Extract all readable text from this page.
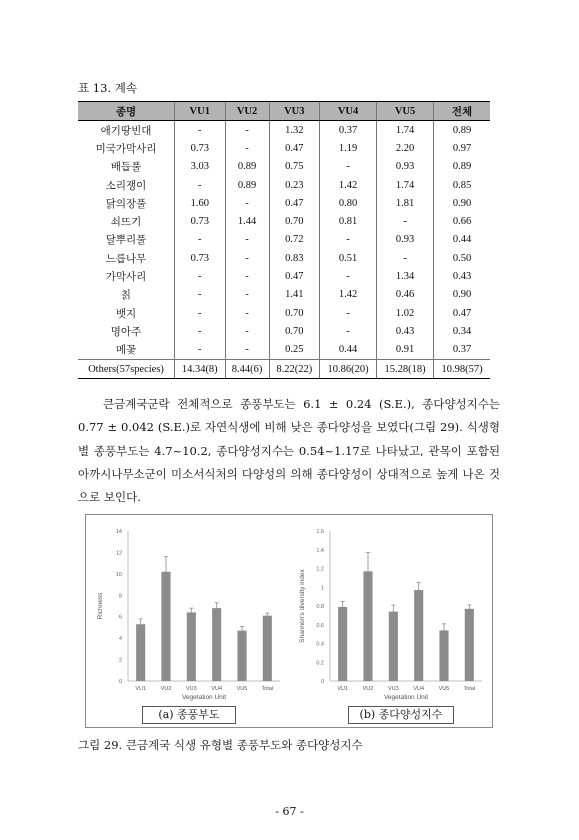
표 13. 계속
종명	VU1	VU2	VU3	VU4	VU5	전체
애기땅빈대	-	-	1.32	0.37	1.74	0.89
미국가막사리	0.73	-	0.47	1.19	2.20	0.97
배듭풀	3.03	0.89	0.75	-	0.93	0.89
소리쟁이	-	0.89	0.23	1.42	1.74	0.85
닭의장풀	1.60	-	0.47	0.80	1.81	0.90
쇠뜨기	0.73	1.44	0.70	0.81	-	0.66
달뿌리풀	-	-	0.72	-	0.93	0.44
느릅나무	0.73	-	0.83	0.51	-	0.50
가막사리	-	-	0.47	-	1.34	0.43
칡	-	-	1.41	1.42	0.46	0.90
뱃지	-	-	0.70	-	1.02	0.47
명아주	-	-	0.70	-	0.43	0.34
메꽃	-	-	0.25	0.44	0.91	0.37
Others(57species)	14.34(8)	8.44(6)	8.22(22)	10.86(20)	15.28(18)	10.98(57)

큰금계국군락 전체적으로 종풍부도는 6.1 ± 0.24 (S.E.), 종다양성지수는 0.77 ± 0.042 (S.E.)로 자연식생에 비해 낮은 종다양성을 보였다(그림 29). 식생형별 종풍부도는 4.7~10.2, 종다양성지수는 0.54~1.17로 나타났고, 관목이 포함된 아까시나무소군이 미소서식처의 다양성의 의해 종다양성이 상대적으로 높게 나온 것으로 보인다.

0
2
4
6
8
10
12
14
VU1	VU2	VU3	VU4	VU5	Total
Vegetation Unit
Richness
0
0.2
0.4
0.6
0.8
1
1.2
1.4
1.6
VU1	VU2	VU3	VU4	VU5	Total
Vegetation Unit
Shannon's diversity index
(a) 종풍부도	(b) 종다양성지수
그림 29. 큰금계국 식생 유형별 종풍부도와 종다양성지수
- 67 -
